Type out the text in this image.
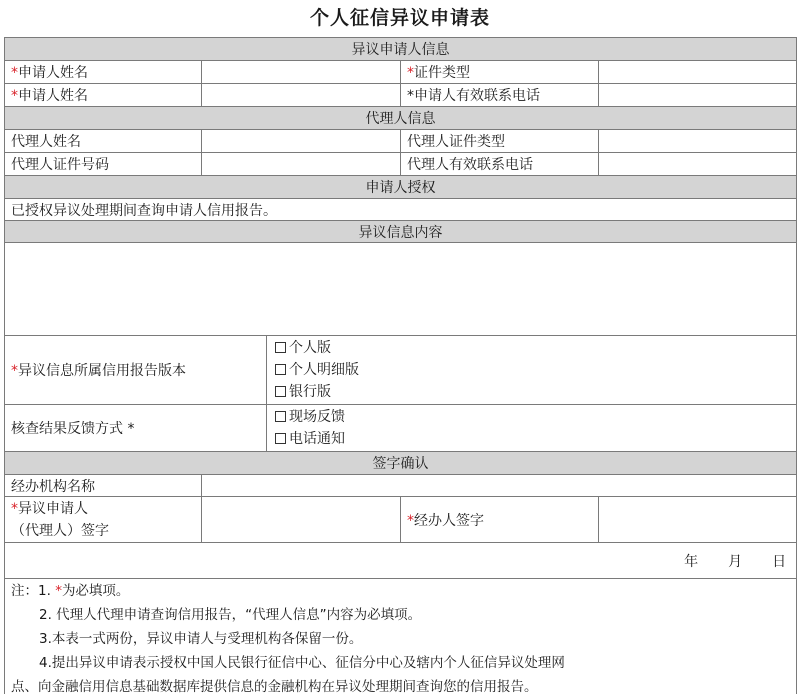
个人征信异议申请表
异议申请人信息				
*申请人姓名			*证件类型	
*申请人姓名			*申请人有效联系电话	
代理人信息				
代理人姓名			代理人证件类型	
代理人证件号码			代理人有效联系电话	
申请人授权				
已授权异议处理期间查询申请人信用报告。				
异议信息内容				

*异议信息所属信用报告版本		个人版
个人明细版
银行版		

核查结果反馈方式 *		现场反馈
电话通知		

签字确认				
经办机构名称				

*异议申请人
（代理人）签字			*经办人签字	
年 月 日				

注：1. *为必填项。
2. 代理人代理申请查询信用报告，“代理人信息”内容为必填项。
3.本表一式两份，异议申请人与受理机构各保留一份。
4.提出异议申请表示授权中国人民银行征信中心、征信分中心及辖内个人征信异议处理网
点、向金融信用信息基础数据库提供信息的金融机构在异议处理期间查询您的信用报告。				
